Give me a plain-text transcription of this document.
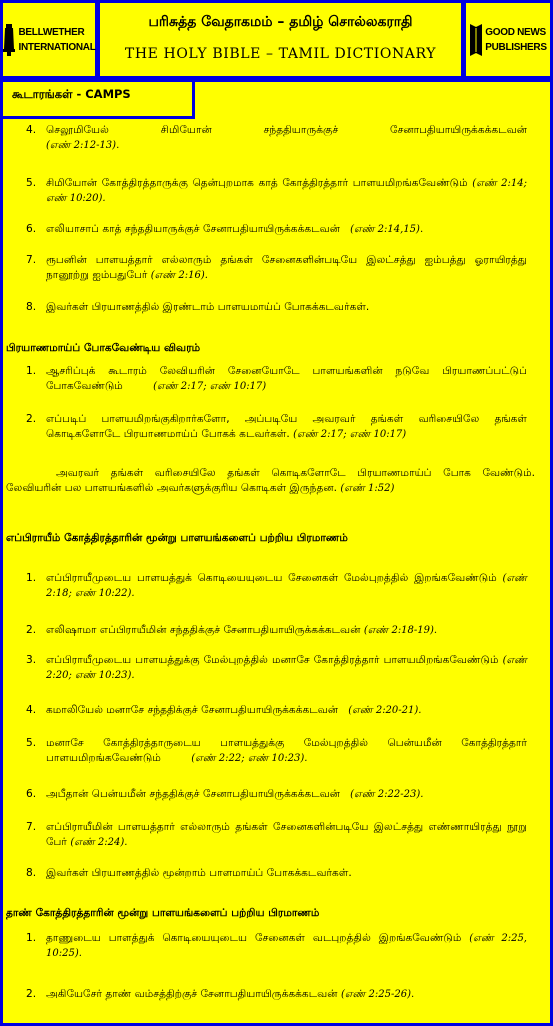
BELLWETHER
INTERNATIONAL
பரிசுத்த வேதாகமம் – தமிழ் சொல்லகராதி
THE HOLY BIBLE – TAMIL DICTIONARY
GOOD NEWS
PUBLISHERS
கூடாரங்கள் - CAMPS
4. செலூமியேல் சிமியோன் சந்ததியாருக்குச் சேனாபதியாயிருக்கக்கடவன்
(எண் 2:12-13).
5. சிமியோன் கோத்திரத்தாருக்கு தென்புறமாக காத் கோத்திரத்தார் பாளயமிறங்கவேண்டும் (எண் 2:14; எண் 10:20).
6. எலியாசாப் காத் சந்ததியாருக்குச் சேனாபதியாயிருக்கக்கடவன் (எண் 2:14,15).
7. ரூபனின் பாளயத்தார் எல்லாரும் தங்கள் சேனைகளின்படியே இலட்சத்து ஐம்பத்து ஓராயிரத்து நானூற்று ஐம்பதுபேர் (எண் 2:16).
8. இவர்கள் பிரயாணத்தில் இரண்டாம் பாளயமாய்ப் போகக்கடவர்கள்.
பிரயாணமாய்ப் போகவேண்டிய விவரம்
1. ஆசரிப்புக் கூடாரம் லேவியரின் சேனையோடே பாளயங்களின் நடுவே பிரயாணப்பட்டுப் போகவேண்டும்	(எண் 2:17; எண் 10:17)
2. எப்படிப் பாளயமிறங்குகிறார்களோ, அப்படியே அவரவர் தங்கள் வரிசையிலே தங்கள் கொடிகளோடே பிரயாணமாய்ப் போகக் கடவர்கள். (எண் 2:17; எண் 10:17)
அவரவர் தங்கள் வரிசையிலே தங்கள் கொடிகளோடே பிரயாணமாய்ப் போக வேண்டும். லேவியரின் பல பாளயங்களில் அவர்களுக்குரிய கொடிகள் இருந்தன. (எண் 1:52)
எப்பிராயீம் கோத்திரத்தாரின் மூன்று பாளயங்களைப் பற்றிய பிரமாணம்
1. எப்பிராயீமுடைய பாளயத்துக் கொடியையுடைய சேனைகள் மேல்புறத்தில் இறங்கவேண்டும் (எண் 2:18; எண் 10:22).
2. எலிஷாமா எப்பிராயீமின் சந்ததிக்குச் சேனாபதியாயிருக்கக்கடவன் (எண் 2:18-19).
3. எப்பிராயீமுடைய பாளயத்துக்கு மேல்புறத்தில் மனாசே கோத்திரத்தார் பாளயமிறங்கவேண்டும் (எண் 2:20; எண் 10:23).
4. கமாலியேல் மனாசே சந்ததிக்குச் சேனாபதியாயிருக்கக்கடவன் (எண் 2:20-21).
5. மனாசே கோத்திரத்தாருடைய பாளயத்துக்கு மேல்புறத்தில் பென்யமீன் கோத்திரத்தார் பாளயமிறங்கவேண்டும்	(எண் 2:22; எண் 10:23).
6. அபீதான் பென்யமீன் சந்ததிக்குச் சேனாபதியாயிருக்கக்கடவன் (எண் 2:22-23).
7. எப்பிராயீமின் பாளயத்தார் எல்லாரும் தங்கள் சேனைகளின்படியே இலட்சத்து எண்ணாயிரத்து நூறு பேர் (எண் 2:24).
8. இவர்கள் பிரயாணத்தில் மூன்றாம் பாளமாய்ப் போகக்கடவர்கள்.
தாண் கோத்திரத்தாரின் மூன்று பாளயங்களைப் பற்றிய பிரமாணம்
1. தாணுடைய பாளத்துக் கொடியையுடைய சேனைகள் வடபுறத்தில் இறங்கவேண்டும் (எண் 2:25, 10:25).
2. அகியேசேர் தாண் வம்சத்திற்குச் சேனாபதியாயிருக்கக்கடவன் (எண் 2:25-26).
